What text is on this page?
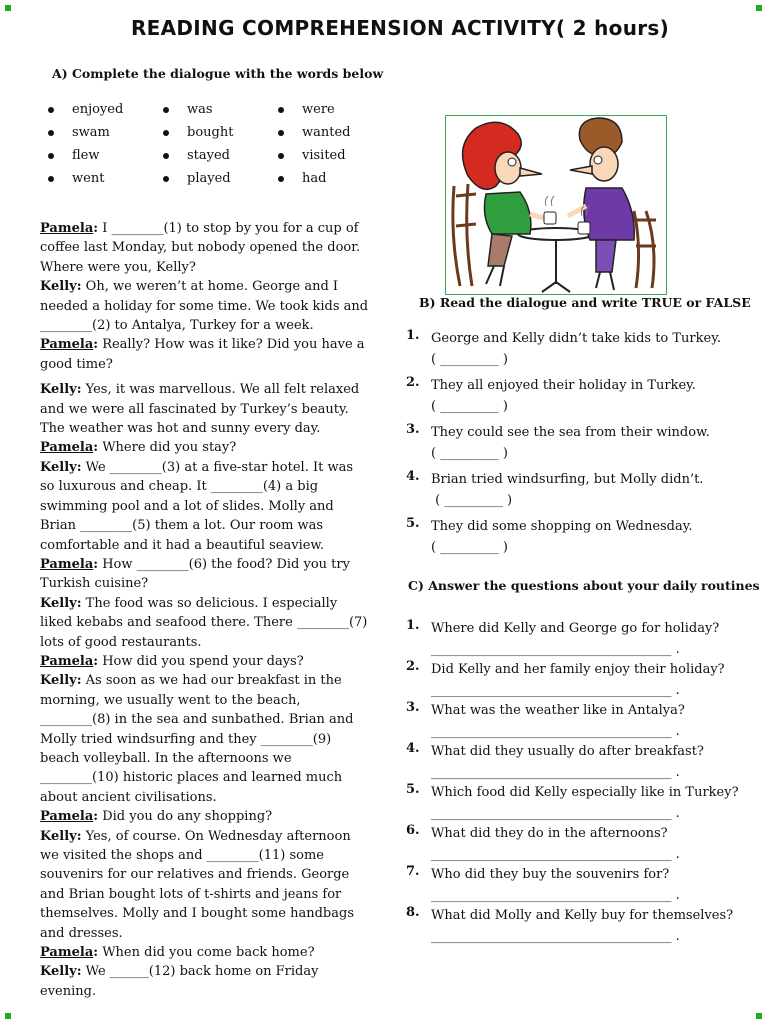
READING COMPREHENSION ACTIVITY( 2 hours)
A) Complete the dialogue with the words below
enjoyed	was	were
swam	bought	wanted
flew	stayed	visited
went	played	had

Pamela: I ________(1) to stop by you for a cup of coffee last Monday, but nobody opened the door. Where were you, Kelly?

Kelly: Oh, we weren’t at home. George and I needed a holiday for some time. We took kids and ________(2) to Antalya, Turkey for a week.

Pamela: Really? How was it like? Did you have a good time?

Kelly: Yes, it was marvellous. We all felt relaxed and we were all fascinated by Turkey’s beauty. The weather was hot and sunny every day.

Pamela: Where did you stay?

Kelly: We ________(3) at a five-star hotel. It was so luxurous and cheap. It ________(4) a big swimming pool and a lot of slides. Molly and Brian ________(5) them a lot. Our room was comfortable and it had a beautiful seaview.

Pamela: How ________(6) the food? Did you try Turkish cuisine?

Kelly: The food was so delicious. I especially liked kebabs and seafood there. There ________(7) lots of good restaurants.

Pamela: How did you spend your days?

Kelly: As soon as we had our breakfast in the morning, we usually went to the beach, ________(8) in the sea and sunbathed. Brian and Molly tried windsurfing and they ________(9) beach volleyball. In the afternoons we ________(10) historic places and learned much about ancient civilisations.

Pamela: Did you do any shopping?

Kelly: Yes, of course. On Wednesday afternoon we visited the shops and ________(11) some souvenirs for our relatives and friends. George and Brian bought lots of t-shirts and jeans for themselves. Molly and I bought some handbags and dresses.

Pamela: When did you come back home?

Kelly: We ______(12) back home on Friday evening.

B) Read the dialogue and write TRUE or FALSE
1. George and Kelly didn’t take kids to Turkey.
( _________ )
2. They all enjoyed their holiday in Turkey.
( _________ )
3. They could see the sea from their window.
( _________ )
4. Brian tried windsurfing, but Molly didn’t.
( _________ )
5. They did some shopping on Wednesday.
( _________ )
C) Answer the questions about your daily routines
1. Where did Kelly and George go for holiday?
_____________________________________ .
2. Did Kelly and her family enjoy their holiday?
_____________________________________ .
3. What was the weather like in Antalya?
_____________________________________ .
4. What did they usually do after breakfast?
_____________________________________ .
5. Which food did Kelly especially like in Turkey?
_____________________________________ .
6. What did they do in the afternoons?
_____________________________________ .
7. Who did they buy the souvenirs for?
_____________________________________ .
8. What did Molly and Kelly buy for themselves?
_____________________________________ .
